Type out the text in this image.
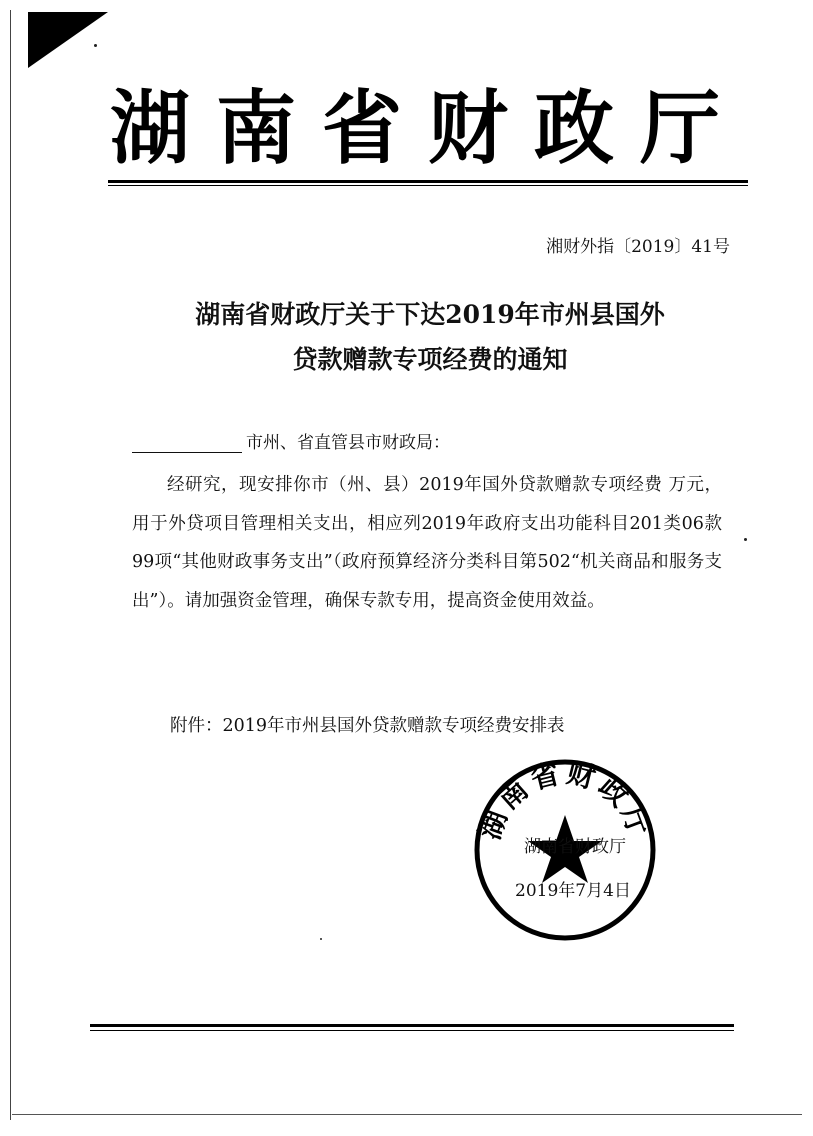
湖南省财政厅
湘财外指〔2019〕41号
湖南省财政厅关于下达2019年市州县国外
贷款赠款专项经费的通知
市州、省直管县市财政局：

经研究，现安排你市（州、县）2019年国外贷款赠款专项经费 万元，用于外贷项目管理相关支出，相应列2019年政府支出功能科目201类06款99项“其他财政事务支出”（政府预算经济分类科目第502“机关商品和服务支出”）。请加强资金管理，确保专款专用，提高资金使用效益。

附件：2019年市州县国外贷款赠款专项经费安排表
湖南省财政厅
湖南省财政厅
2019年7月4日
